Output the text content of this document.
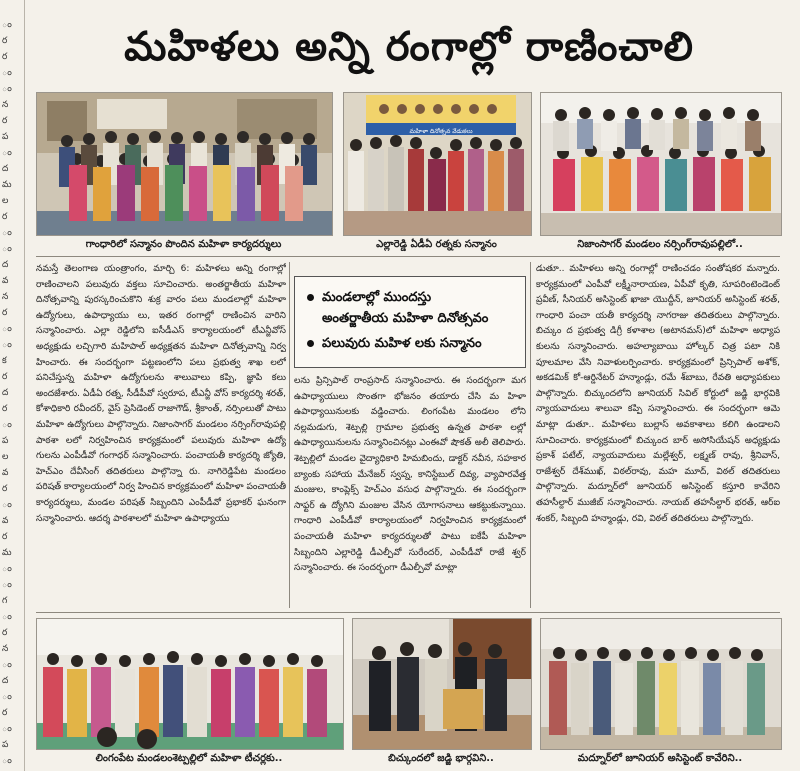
ం
ర
ర
ం
ం
న
ర
ప
ం
ద
మ
ల
ర
ం
ం
ద
వ
న
ర
ం
ం
క
ర
ద
ర
ం
ప
ల
వ
ర
ం
వ
ర
మ
ం
ం
గ
ం
ర
న
ం
ద
ం
ర
ం
ప
ం
మహిళలు అన్ని రంగాల్లో రాణించాలి
గాంధారిలో సన్మానం పొందిన మహిళా కార్యదర్శులు
మహిళా దినోత్సవ వేడుకలు
ఎల్లారెడ్డి ఏడీఏ రత్నకు సన్మానం	నిజాంసాగర్ మండలం నర్సింగ్‌రావుపల్లిలో..

నమస్తే తెలంగాణ యంత్రాంగం, మార్చి 6: మహిళలు అన్ని రంగాల్లో రాణించాలని పలువురు వక్తలు సూచించారు. అంతర్జాతీయ మహిళా దినోత్సవాన్ని పురస్కరించుకొని శుక్ర వారం పలు మండలాల్లో మహిళా ఉద్యోగులు, ఉపాధ్యాయు లు, ఇతర రంగాల్లో రాణించిన వారిని సన్మానించారు. ఎల్లా రెడ్డిలోని ఐసీడీఎస్ కార్యాలయంలో టీఎన్జీవోస్ అధ్యక్షుడు లచ్చిగారి మహిపాల్ అధ్యక్షతన మహిళా దినోత్సవాన్ని నిర్వ హించారు. ఈ సందర్భంగా పట్టణంలోని పలు ప్రభుత్వ శాఖ లలో పనిచేస్తున్న మహిళా ఉద్యోగులను శాలువాలు కప్పి, జ్ఞాపి కలు అందజేశారు. ఏడీఏ రత్న, సీడీపీవో స్వరూప, టీఎన్జీ వోస్ కార్యదర్శి శరత్, కోశాధికారి రవీందర్, వైస్ ప్రెసిడెంట్ రాజాగౌడ్, శ్రీకాంత్, నర్సింలుతో పాటు మహిళా ఉద్యోగులు పాల్గొన్నారు. నిజాంసాగర్ మండలం నర్సింగ్‌రావుపల్లి పాఠశా లలో నిర్వహించిన కార్యక్రమంలో పలువురు మహిళా ఉద్యో గులను ఎంపీడీవో గంగాధర్ సన్మానించారు. పంచాయతీ కార్యదర్శి జ్యోతి, హెచ్ఎం దేవీసింగ్ తదితరులు పాల్గొన్నా రు. నాగిరెడ్డిపేట మండలం పరిషత్ కార్యాలయంలో నిర్వ హించిన కార్యక్రమంలో మహిళా పంచాయతీ కార్యదర్శులు, మండల పరిషత్ సిబ్బందిని ఎంపీడీవో ప్రభాకర్ ఘనంగా సన్మానించారు. ఆదర్శ పాఠశాలలో మహిళా ఉపాధ్యాయు

మండలాల్లో ముందస్తు
అంతర్జాతీయ మహిళా దినోత్సవం
పలువురు మహిళ లకు సన్మానం

లను ప్రిన్సిపాల్ రాంప్రసాద్ సన్మానించారు. ఈ సందర్భంగా మగ ఉపాధ్యాయులు సొంతగా భోజనం తయారు చేసి మ హిళా ఉపాధ్యాయినులకు వడ్డించారు. లింగంపేట మండలం లోని నల్లమడుగు, శెట్పల్లి గ్రామాల ప్రభుత్వ ఉన్నత పాఠశా లల్లో ఉపాధ్యాయినులను సన్మానించినట్లు ఎంఈవో షౌకత్ అలీ తెలిపారు. శెట్పల్లిలో మండల వైద్యాధికారి హిమబిందు, డాక్టర్ నవీన, సహకార బ్యాంకు సహాయ మేనేజర్ స్వప్న, కానిస్టేబుల్ దివ్య, వ్యాపారవేత్త మంజుల, కాంప్లెక్స్ హెచ్ఎం వసుధ పాల్గొన్నారు. ఈ సందర్భంగా సాఫ్టర్ ఉ ద్యోగిని మంజుల వేసిన యోగాసనాలు ఆకట్టుకున్నాయి. గాంధారి ఎంపీడీవో కార్యాలయంలో నిర్వహించిన కార్యక్రమంలో పంచాయతీ మహిళా కార్యదర్శులతో పాటు ఐకేపీ మహిళా సిబ్బందిని ఎల్లారెడ్డి డీఎల్పీవో సురేందర్, ఎంపీడీవో రాజే శ్వర్ సన్మానించారు. ఈ సందర్భంగా డీఎల్పీవో మాట్లా

డుతూ.. మహిళలు అన్ని రంగాల్లో రాణించడం సంతోషకర మన్నారు. కార్యక్రమంలో ఎంపీవో లక్ష్మీనారాయణ, ఏపీవో కృతి, సూపరింటెండెంట్ ప్రవీణ్, సీనియర్ అసిస్టెంట్ ఖాజా యొద్దీన్, జూనియర్ అసిస్టెంట్ శరత్, గాంధారి పంచా యతీ కార్యదర్శి నాగరాజు తదితరులు పాల్గొన్నారు. బిచ్కుం ద ప్రభుత్వ డిగ్రీ కళాశాల (అటానమస్)లో మహిళా అధ్యాప కులను సన్మానించారు. అహల్యాబాయి హోల్కర్ చిత్ర పటా నికి పూలమాల వేసి నివాళులర్పించారు. కార్యక్రమంలో ప్రిన్సిపాల్ అశోక్, అకడమిక్ కో-ఆర్డినేటర్ హన్మాండ్లు, రమే శ్‌బాబు, రేవతి అధ్యాపకులు పాల్గొన్నారు. బిచ్కుందలోని జూనియర్ సివిల్ కోర్టులో జడ్జి భార్గవికి న్యాయవాదులు శాలువా కప్పి సన్మానించారు. ఈ సందర్భంగా ఆమె మాట్లా డుతూ.. మహిళలు బుల్లాస్ అవకాశాలు కలిగి ఉండాలని సూచించారు. కార్యక్రమంలో బిచ్కుంద బార్ అసోసియేషన్ అధ్యక్షుడు ప్రకాశ్ పటేల్, న్యాయవాదులు మల్లేశ్వర్, లక్ష్మణ్ రావు, శ్రీనివాస్, రాజేశ్వర్ దేశ్‌ముఖ్, విఠల్‌రావు, మహ మూద్, విఠల్ తదితరులు పాల్గొన్నారు. మద్నూర్‌లో జూనియర్ అసిస్టెంట్ కస్తూరి కావేరిని తహసీల్దార్ ముజీబ్ సన్మానించారు. నాయబ్ తహసీల్దార్ భరత్, ఆర్ఐ శంకర్, సిబ్బంది హన్మాండ్లు, రవి, విఠల్ తదితరులు పాల్గొన్నారు.

లింగంపేట మండలంశెట్పల్లిలో మహిళా టీచర్లకు..	బిచ్కుందలో జడ్జి భార్గవిని..	మద్నూర్‌లో జూనియర్ అసిస్టెంట్ కావేరిని..
